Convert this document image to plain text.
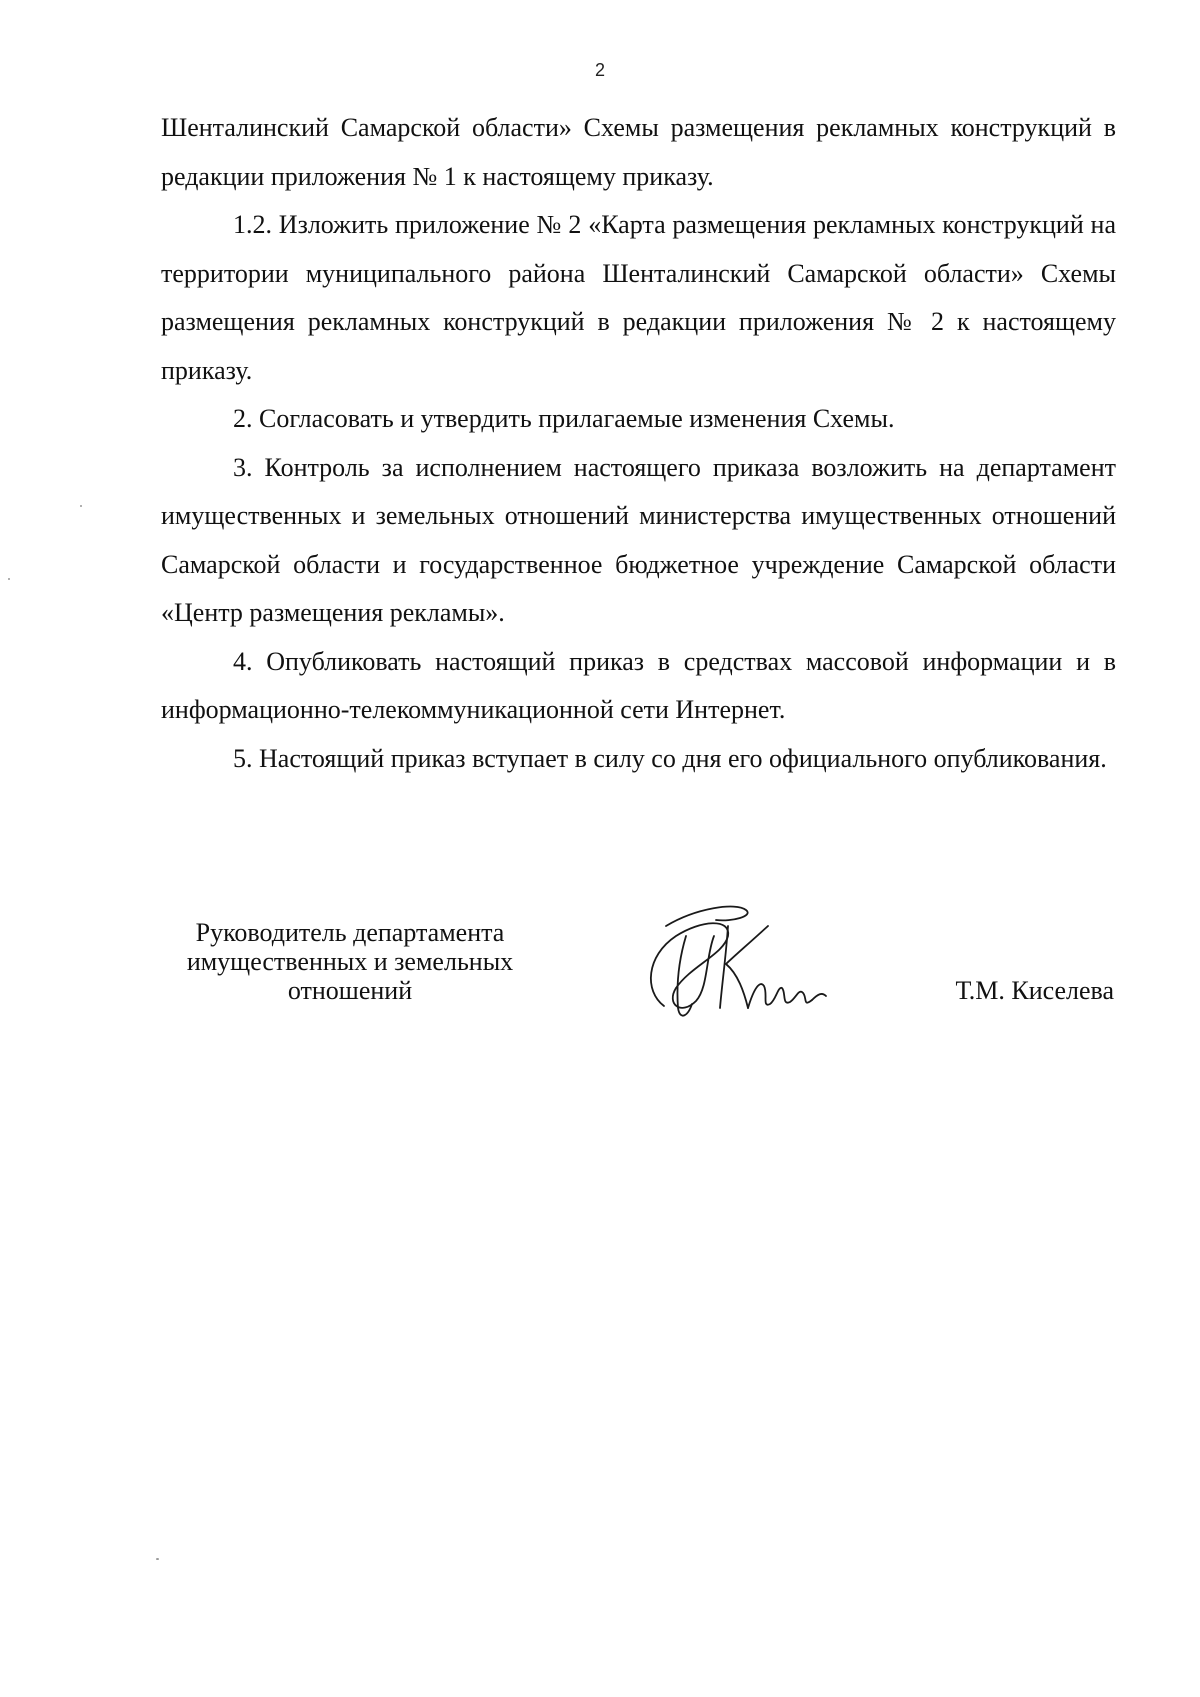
2

Шенталинский Самарской области» Схемы размещения рекламных конструкций в редакции приложения № 1 к настоящему приказу.

1.2. Изложить приложение № 2 «Карта размещения рекламных конструкций на территории муниципального района Шенталинский Самарской области» Схемы размещения рекламных конструкций в редакции приложения № 2 к настоящему приказу.

2. Согласовать и утвердить прилагаемые изменения Схемы.

3. Контроль за исполнением настоящего приказа возложить на департамент имущественных и земельных отношений министерства имущественных отношений Самарской области и государственное бюджетное учреждение Самарской области «Центр размещения рекламы».

4. Опубликовать настоящий приказ в средствах массовой информации и в информационно-телекоммуникационной сети Интернет.

5. Настоящий приказ вступает в силу со дня его официального опубликования.

Руководитель департамента
имущественных и земельных
отношений	Т.М. Киселева
